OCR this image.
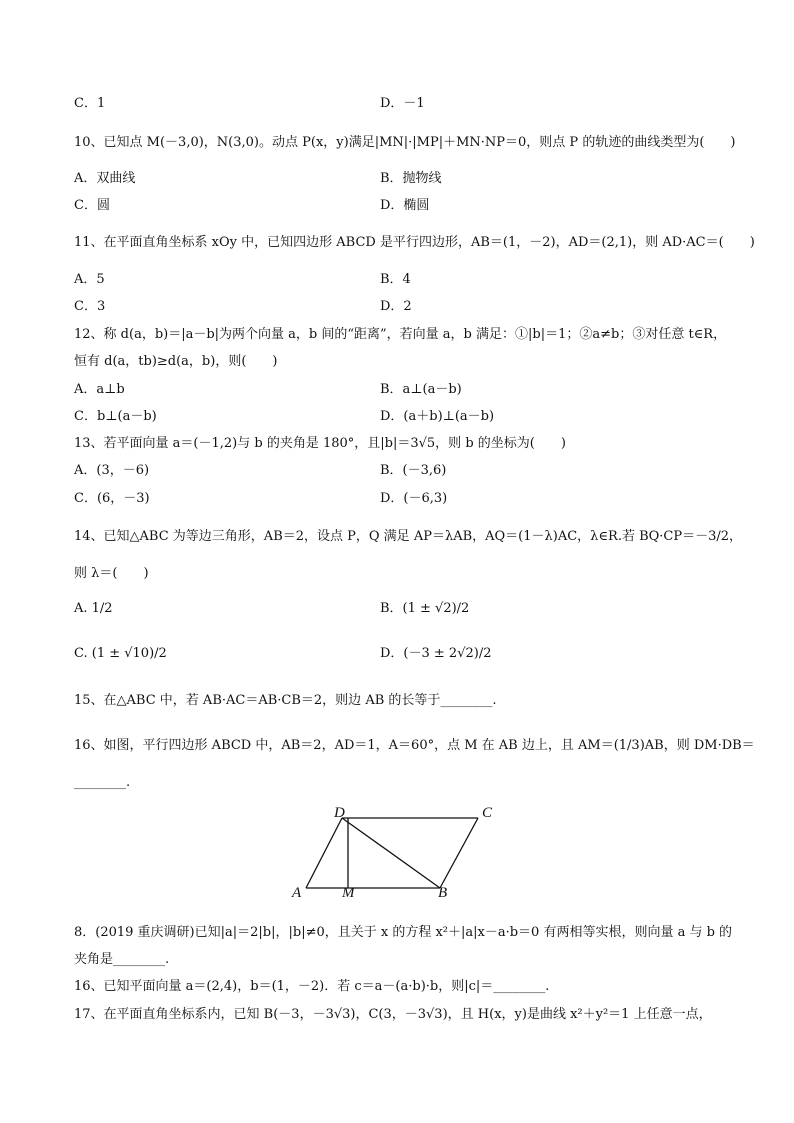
C．1	D．－1
10、已知点 M(－3,0)，N(3,0)。动点 P(x，y)满足|MN|·|MP|＋MN·NP＝0，则点 P 的轨迹的曲线类型为(　　)
A．双曲线	B．抛物线
C．圆	D．椭圆
11、在平面直角坐标系 xOy 中，已知四边形 ABCD 是平行四边形，AB＝(1，－2)，AD＝(2,1)，则 AD·AC＝(　　)
A．5	B．4
C．3	D．2
12、称 d(a，b)＝|a－b|为两个向量 a，b 间的“距离”，若向量 a，b 满足：①|b|＝1；②a≠b；③对任意 t∈R，
恒有 d(a，tb)≥d(a，b)，则(　　)
A．a⊥b	B．a⊥(a－b)
C．b⊥(a－b)	D．(a＋b)⊥(a－b)
13、若平面向量 a＝(－1,2)与 b 的夹角是 180°，且|b|＝3√5，则 b 的坐标为(　　)
A．(3，－6)	B．(－3,6)
C．(6，－3)	D．(－6,3)
14、已知△ABC 为等边三角形，AB＝2，设点 P，Q 满足 AP＝λAB，AQ＝(1－λ)AC，λ∈R.若 BQ·CP＝－3/2，
则 λ＝(　　)
A. 1/2	B．(1 ± √2)/2
C. (1 ± √10)/2	D．(－3 ± 2√2)/2
15、在△ABC 中，若 AB·AC＝AB·CB＝2，则边 AB 的长等于________.
16、如图，平行四边形 ABCD 中，AB＝2，AD＝1，A＝60°，点 M 在 AB 边上，且 AM＝(1/3)AB，则 DM·DB＝
________.
D	C
A	M	B
8．(2019 重庆调研)已知|a|＝2|b|，|b|≠0，且关于 x 的方程 x²＋|a|x－a·b＝0 有两相等实根，则向量 a 与 b 的
夹角是________.
16、已知平面向量 a＝(2,4)，b＝(1，－2)．若 c＝a－(a·b)·b，则|c|＝________.
17、在平面直角坐标系内，已知 B(－3，－3√3)，C(3，－3√3)，且 H(x，y)是曲线 x²＋y²＝1 上任意一点，
